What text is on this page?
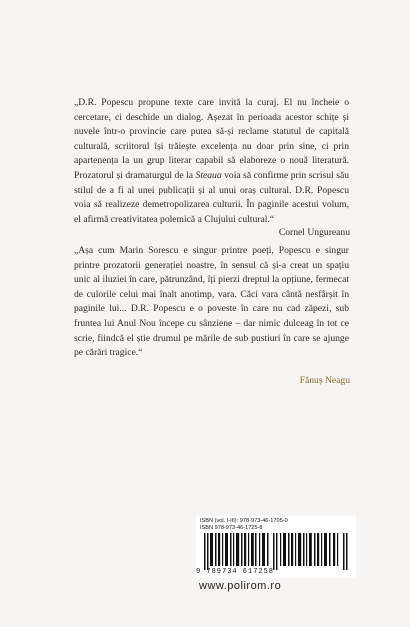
„D.R. Popescu propune texte care invită la curaj. El nu încheie o cercetare, ci deschide un dialog. Așezat în perioada acestor schițe și nuvele într-o provincie care putea să-și reclame statutul de capitală culturală, scriitorul își trăiește excelența nu doar prin sine, ci prin apartenența la un grup literar capabil să elaboreze o nouă literatură. Prozatorul și dramaturgul de la Steaua voia să confirme prin scrisul său stilul de a fi al unei publicații și al unui oraș cultural. D.R. Popescu voia să realizeze demetropolizarea culturii. În paginile acestui volum, el afirmă creativitatea polemică a Clujului cultural.“
Cornel Ungureanu
„Așa cum Marin Sorescu e singur printre poeți, Popescu e singur printre prozatorii generației noastre, în sensul că și-a creat un spațiu unic al iluziei în care, pătrunzând, îți pierzi dreptul la opțiune, fermecat de culorile celui mai înalt anotimp, vara. Căci vara cântă nesfârșit în paginile lui... D.R. Popescu e o poveste în care nu cad zăpezi, sub fruntea lui Anul Nou începe cu sânziene – dar nimic dulceag în tot ce scrie, fiindcă el știe drumul pe mările de sub pustiuri în care se ajunge pe cărări tragice.“
Fănuș Neagu
ISBN (vol. I-III): 978-973-46-1705-0
ISBN 978-973-46-1725-8
9 789734 617258
www.polirom.ro
